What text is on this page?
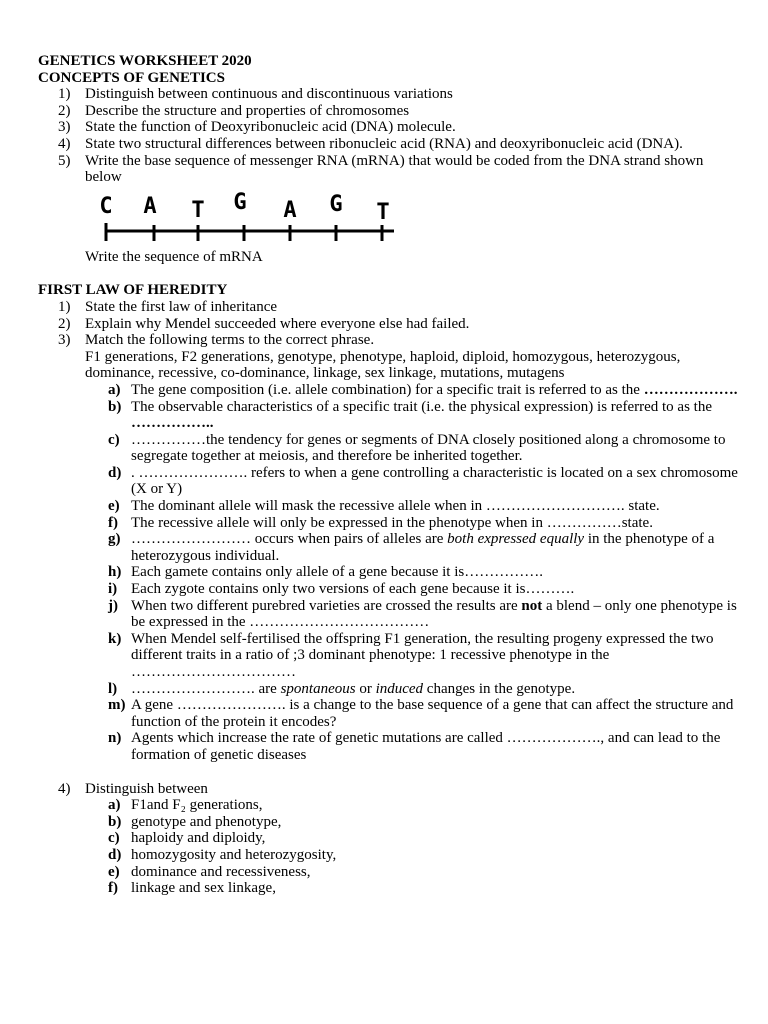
GENETICS WORKSHEET 2020

CONCEPTS OF GENETICS

1) Distinguish between continuous and discontinuous variations

2) Describe the structure and properties of chromosomes

3) State the function of Deoxyribonucleic acid (DNA) molecule.

4) State two structural differences between ribonucleic acid (RNA) and deoxyribonucleic acid (DNA).

5) Write the base sequence of messenger RNA (mRNA) that would be coded from the DNA strand shown below

C A T G A G T

Write the sequence of mRNA

FIRST LAW OF HEREDITY

1) State the first law of inheritance

2) Explain why Mendel succeeded where everyone else had failed.

3) Match the following terms to the correct phrase.

F1 generations, F2 generations, genotype, phenotype, haploid, diploid, homozygous, heterozygous, dominance, recessive, co-dominance, linkage, sex linkage, mutations, mutagens

a) The gene composition (i.e. allele combination) for a specific trait is referred to as the ……………….

b) The observable characteristics of a specific trait (i.e. the physical expression) is referred to as the ……………..

c) ……………the tendency for genes or segments of DNA closely positioned along a chromosome to segregate together at meiosis, and therefore be inherited together.

d) . …………………. refers to when a gene controlling a characteristic is located on a sex chromosome (X or Y)

e) The dominant allele will mask the recessive allele when in ………………………. state.

f) The recessive allele will only be expressed in the phenotype when in ……………state.

g) …………………… occurs when pairs of alleles are both expressed equally in the phenotype of a heterozygous individual.

h) Each gamete contains only allele of a gene because it is…………….

i) Each zygote contains only two versions of each gene because it is……….

j) When two different purebred varieties are crossed the results are not a blend – only one phenotype is be expressed in the ………………………………

k) When Mendel self-fertilised the offspring F1 generation, the resulting progeny expressed the two different traits in a ratio of ;3 dominant phenotype: 1 recessive phenotype in the ……………………………

l) ……………………. are spontaneous or induced changes in the genotype.

m) A gene …………………. is a change to the base sequence of a gene that can affect the structure and function of the protein it encodes?

n) Agents which increase the rate of genetic mutations are called ………………., and can lead to the formation of genetic diseases

4) Distinguish between

a) F1and F₂ generations,

b) genotype and phenotype,

c) haploidy and diploidy,

d) homozygosity and heterozygosity,

e) dominance and recessiveness,

f) linkage and sex linkage,
